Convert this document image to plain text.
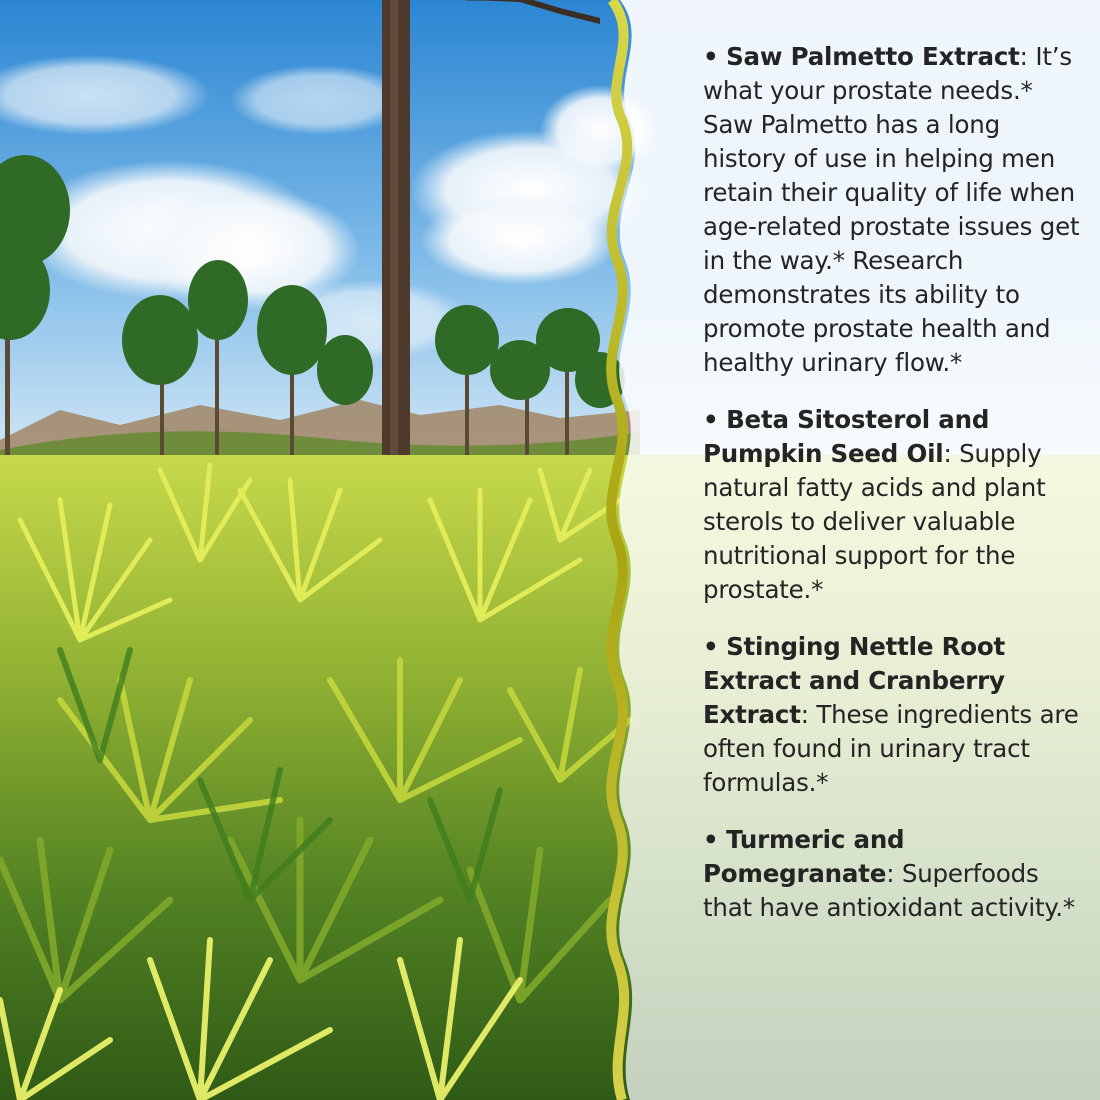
• Saw Palmetto Extract: It’s what your prostate needs.* Saw Palmetto has a long history of use in helping men retain their quality of life when age-related prostate issues get in the way.* Research demonstrates its ability to promote prostate health and healthy urinary flow.*

• Beta Sitosterol and Pumpkin Seed Oil: Supply natural fatty acids and plant sterols to deliver valuable nutritional support for the prostate.*

• Stinging Nettle Root Extract and Cranberry Extract: These ingredients are often found in urinary tract formulas.*

• Turmeric and Pomegranate: Superfoods that have antioxidant activity.*
